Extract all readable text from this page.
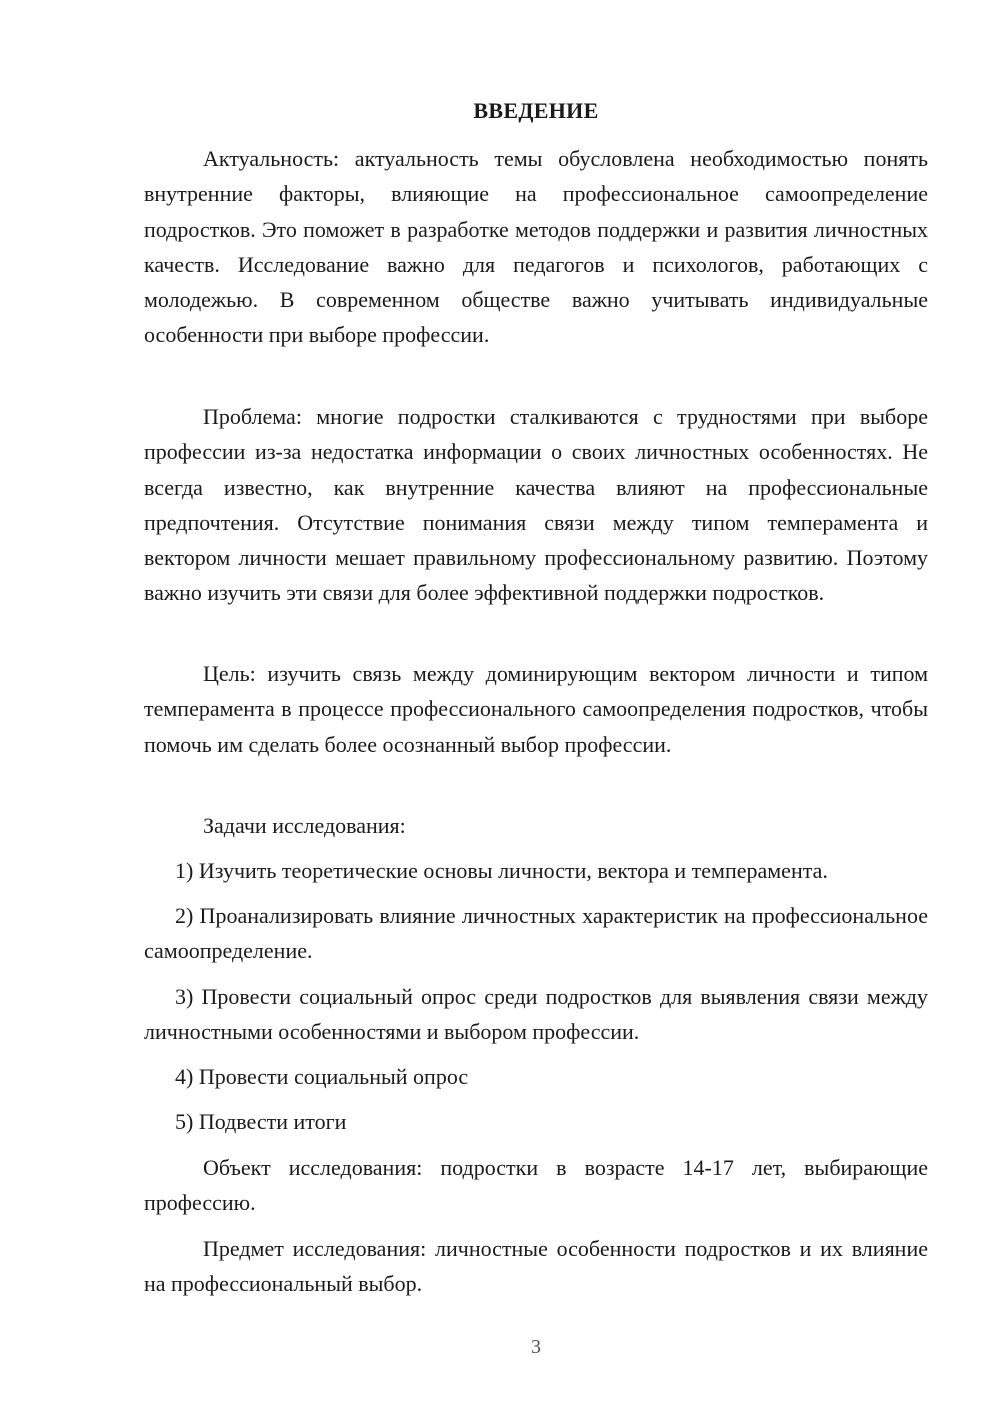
ВВЕДЕНИЕ

Актуальность: актуальность темы обусловлена необходимостью понять внутренние факторы, влияющие на профессиональное самоопределение подростков. Это поможет в разработке методов поддержки и развития личностных качеств. Исследование важно для педагогов и психологов, работающих с молодежью. В современном обществе важно учитывать индивидуальные особенности при выборе профессии.

Проблема: многие подростки сталкиваются с трудностями при выборе профессии из-за недостатка информации о своих личностных особенностях. Не всегда известно, как внутренние качества влияют на профессиональные предпочтения. Отсутствие понимания связи между типом темперамента и вектором личности мешает правильному профессиональному развитию. Поэтому важно изучить эти связи для более эффективной поддержки подростков.

Цель: изучить связь между доминирующим вектором личности и типом темперамента в процессе профессионального самоопределения подростков, чтобы помочь им сделать более осознанный выбор профессии.

Задачи исследования:

1) Изучить теоретические основы личности, вектора и темперамента.

2) Проанализировать влияние личностных характеристик на профессиональное самоопределение.

3) Провести социальный опрос среди подростков для выявления связи между личностными особенностями и выбором профессии.

4) Провести социальный опрос

5) Подвести итоги

Объект исследования: подростки в возрасте 14-17 лет, выбирающие профессию.

Предмет исследования: личностные особенности подростков и их влияние на профессиональный выбор.

3
